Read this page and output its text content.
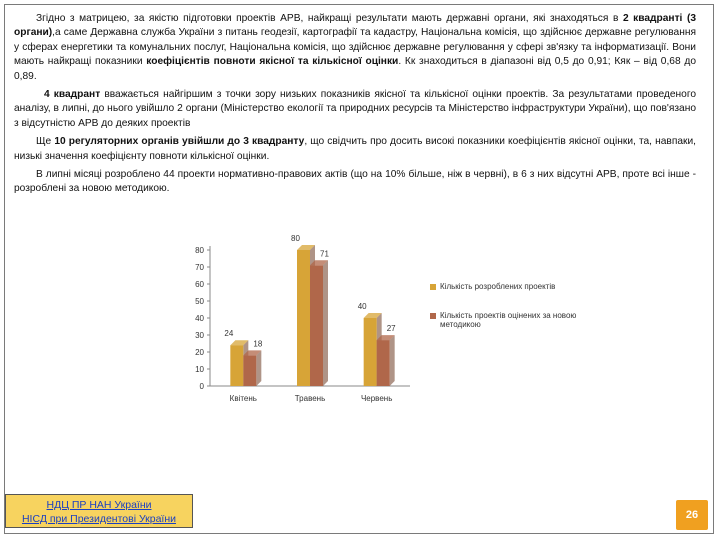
Згідно з матрицею, за якістю підготовки проектів АРВ, найкращі результати мають державні органи, які знаходяться в 2 квадранті (3 органи),а саме Державна служба України з питань геодезії, картографії та кадастру, Національна комісія, що здійснює державне регулювання у сферах енергетики та комунальних послуг, Національна комісія, що здійснює державне регулювання у сфері зв'язку та інформатизації. Вони мають найкращі показники коефіцієнтів повноти якісної та кількісної оцінки. Кк знаходиться в діапазоні від 0,5 до 0,91; Кяк – від 0,68 до 0,89.

4 квадрант вважається найгіршим з точки зору низьких показників якісної та кількісної оцінки проектів. За результатами проведеного аналізу, в липні, до нього увійшло 2 органи (Міністерство екології та природних ресурсів та Міністерство інфраструктури України), що пов'язано з відсутністю АРВ до деяких проектів

Ще 10 регуляторних органів увійшли до 3 квадранту, що свідчить про досить високі показники коефіцієнтів якісної оцінки, та, навпаки, низькі значення коефіцієнту повноти кількісної оцінки.

В липні місяці розроблено 44 проекти нормативно-правових актів (що на 10% більше, ніж в червні), в 6 з них відсутні АРВ, проте всі інше - розроблені за новою методикою.

0
10
20
30
40
50
60
70
80
24
18
Квітень
80
71
Травень
40
27
Червень
Кількість розроблених проектів
Кількість проектів оцінених за новою методикою
НДЦ ПР НАН України
НІСД при Президентові України	26
